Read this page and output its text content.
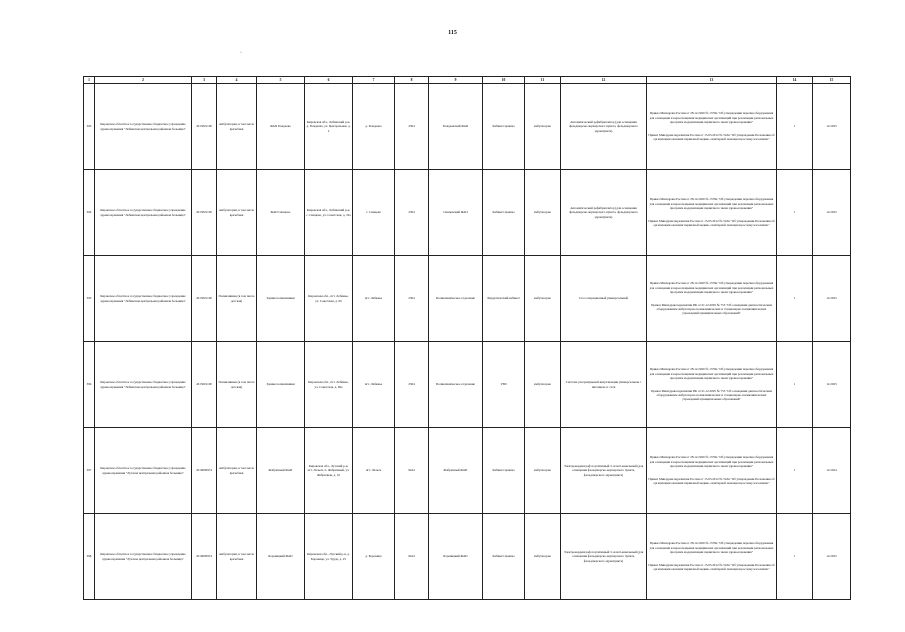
115
·
1	2	3	4	5	6	7	8	9	10	11	12	13	14	15
393	Кировское областное государственное бюджетное учреждение здравоохранения "Лебяжская центральная районная больница"	4315001100	Амбулатория, в том числе врачебная	ФАП Рождеево	Кировская обл., Лебяжский р-н, д. Рождеево, ул. Центральная, д. 2	д. Рождеево	2304	Рождеевский ФАП	Кабинет приема	амбулаторно	Автоматический дефибриллятор (для оснащения фельдшерско-акушерского пункта, фельдшерского здравпункта)	Приказ Минздрава России от 28.12.2020 № 1379н "Об утверждении перечня оборудования для оснащения и переоснащения медицинских организаций при реализации региональных программ модернизации первичного звена здравоохранения"
Приказ Минздравсоцразвития России от 15.05.2012 № 543н "Об утверждении Положения об организации оказания первичной медико-санитарной помощи взрослому населению"	1	12.2025
394	Кировское областное государственное бюджетное учреждение здравоохранения "Лебяжская центральная районная больница"	4315001100	Амбулатория, в том числе врачебная	ФАП Синцово	Кировская обл., Лебяжский р-н, с. Синцово, ул. Советская, д. 19а	с. Синцово	2304	Синцовский ФАП	Кабинет приема	амбулаторно	Автоматический дефибриллятор (для оснащения фельдшерско-акушерского пункта, фельдшерского здравпункта)	Приказ Минздрава России от 28.12.2020 № 1379н "Об утверждении перечня оборудования для оснащения и переоснащения медицинских организаций при реализации региональных программ модернизации первичного звена здравоохранения"
Приказ Минздравсоцразвития России от 15.05.2012 № 543н "Об утверждении Положения об организации оказания первичной медико-санитарной помощи взрослому населению"	1	12.2025
395	Кировское областное государственное бюджетное учреждение здравоохранения "Лебяжская центральная районная больница"	4315001100	Поликлиника (в том числе детская)	Здание поликлиники	Кировская обл., пгт. Лебяжье, ул. Советская, д. 69	пгт. Лебяжье	2304	Поликлиническое отделение	Хирургический кабинет	амбулаторно	Стол операционный универсальный	Приказ Минздрава России от 28.12.2020 № 1379н "Об утверждении перечня оборудования для оснащения и переоснащения медицинских организаций при реализации региональных программ модернизации первичного звена здравоохранения"
Приказ Минздравсоцразвития РФ от 01.12.2005 № 753 "Об оснащении диагностическим оборудованием амбулаторно-поликлинических и стационарно-поликлинических учреждений муниципальных образований"	1	12.2025
396	Кировское областное государственное бюджетное учреждение здравоохранения "Лебяжская центральная районная больница"	4315001100	Поликлиника (в том числе детская)	Здание поликлиники	Кировская обл., пгт. Лебяжье, ул. Советская, д. 69а	пгт. Лебяжье	2304	Поликлиническое отделение	УЗИ	амбулаторно	Система ультразвуковой визуализации универсальная с питанием от сети	Приказ Минздрава России от 28.12.2020 № 1379н "Об утверждении перечня оборудования для оснащения и переоснащения медицинских организаций при реализации региональных программ модернизации первичного звена здравоохранения"
Приказ Минздравсоцразвития РФ от 01.12.2005 № 753 "Об оснащении диагностическим оборудованием амбулаторно-поликлинических и стационарно-поликлинических учреждений муниципальных образований"	1	12.2025
397	Кировское областное государственное бюджетное учреждение здравоохранения "Лузская центральная районная больница"	4316000974	Амбулатория, в том числе врачебная	Фабричный ФАП	Кировская обл., Лузский р-н, пгт. Лальск, п. Фабричный, ул. Фабричная, д. 16	пгт. Лальск	9424	Фабричный ФАП	Кабинет приема	амбулаторно	Электрокардиограф портативный 3- или 6-канальный (для оснащения фельдшерско-акушерского пункта, фельдшерского здравпункта)	Приказ Минздрава России от 28.12.2020 № 1379н "Об утверждении перечня оборудования для оснащения и переоснащения медицинских организаций при реализации региональных программ модернизации первичного звена здравоохранения"
Приказ Минздравсоцразвития России от 15.05.2012 № 543н "Об утверждении Положения об организации оказания первичной медико-санитарной помощи взрослому населению"	1	12.2024
398	Кировское областное государственное бюджетное учреждение здравоохранения "Лузская центральная районная больница"	4316000974	Амбулатория, в том числе врачебная	Боровицкий ФАП	Кировская обл., Лузский р-н, д. Боровица, ул. Труда, д. 25	д. Боровица	9424	Боровицкий ФАП	Кабинет приема	амбулаторно	Электрокардиограф портативный 3- или 6-канальный (для оснащения фельдшерско-акушерского пункта, фельдшерского здравпункта)	Приказ Минздрава России от 28.12.2020 № 1379н "Об утверждении перечня оборудования для оснащения и переоснащения медицинских организаций при реализации региональных программ модернизации первичного звена здравоохранения"
Приказ Минздравсоцразвития России от 15.05.2012 № 543н "Об утверждении Положения об организации оказания первичной медико-санитарной помощи взрослому населению"	1	12.2025
